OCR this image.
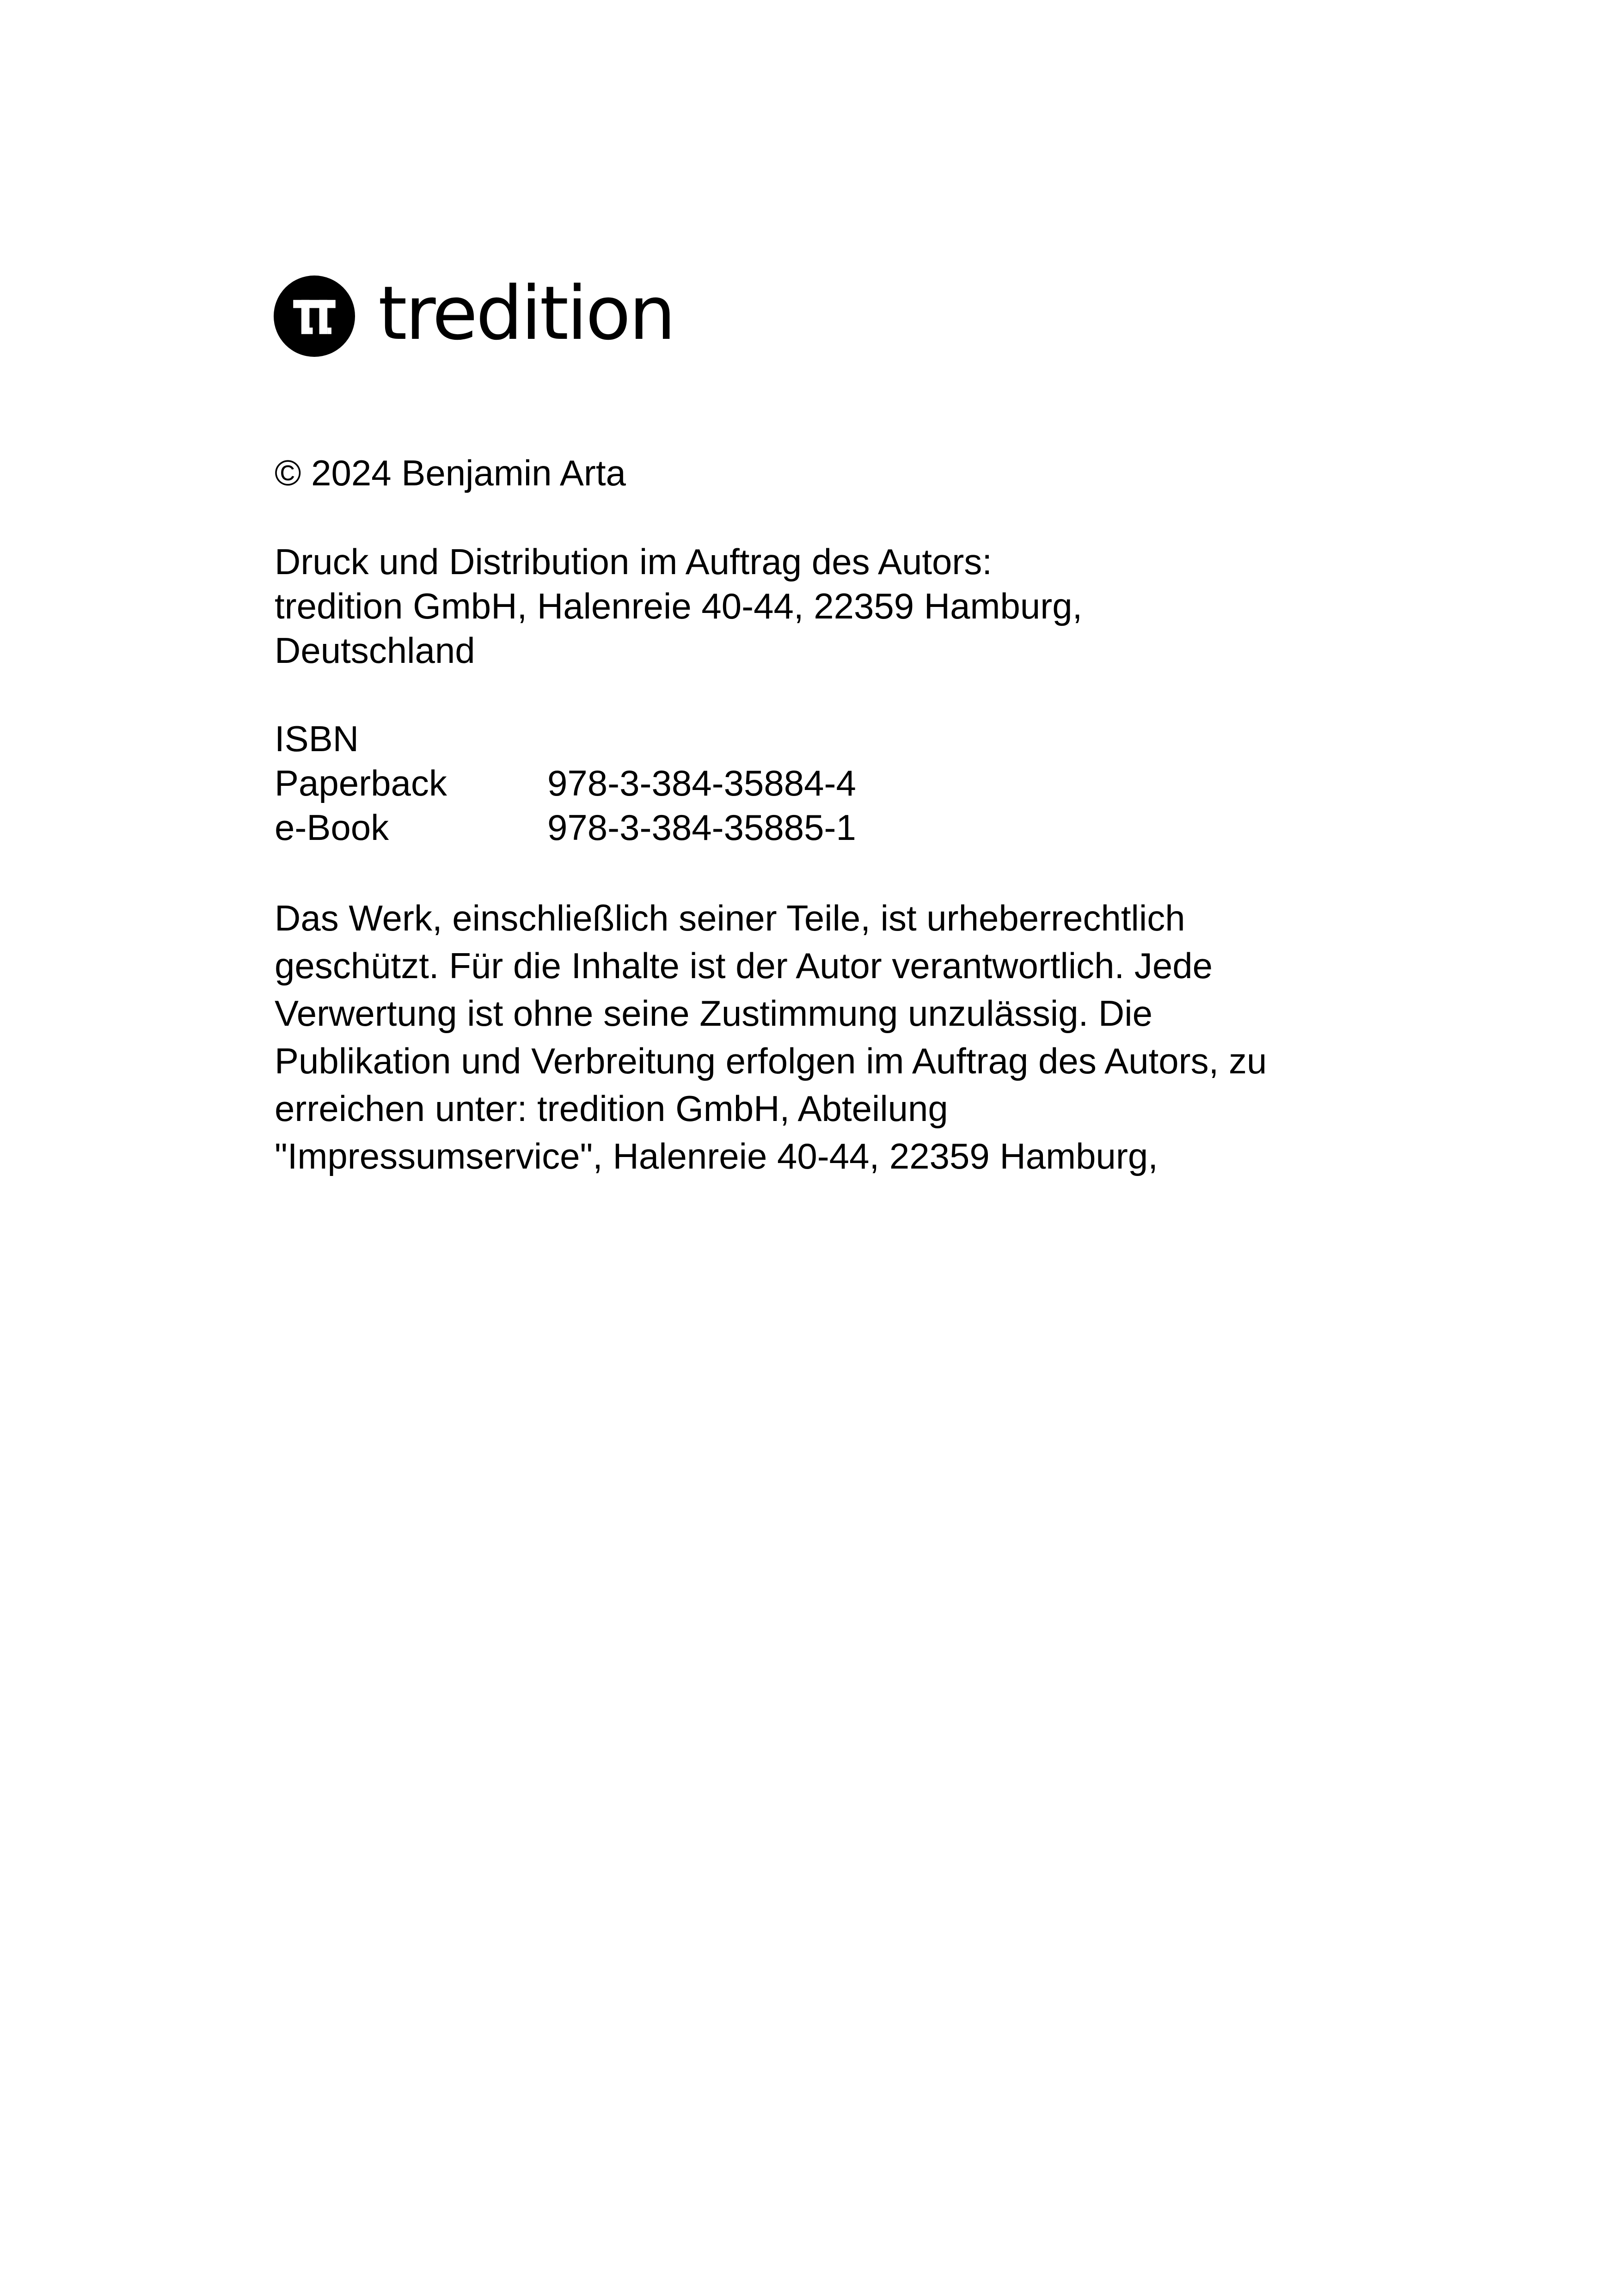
tredition
© 2024 Benjamin Arta
Druck und Distribution im Auftrag des Autors:
tredition GmbH, Halenreie 40-44, 22359 Hamburg,
Deutschland
ISBN
Paperback	978-3-384-35884-4
e-Book	978-3-384-35885-1
Das Werk, einschließlich seiner Teile, ist urheberrechtlich
geschützt. Für die Inhalte ist der Autor verantwortlich. Jede
Verwertung ist ohne seine Zustimmung unzulässig. Die
Publikation und Verbreitung erfolgen im Auftrag des Autors, zu
erreichen unter: tredition GmbH, Abteilung
"Impressumservice", Halenreie 40-44, 22359 Hamburg,
